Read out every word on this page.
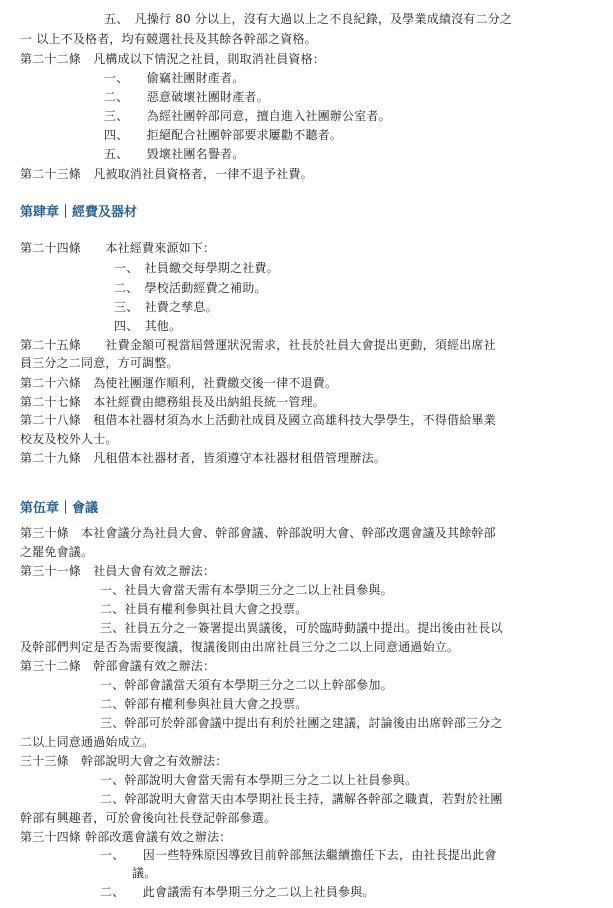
五、　凡操行 80 分以上，沒有大過以上之不良紀錄，及學業成績沒有二分之
一 以上不及格者，均有競選社長及其餘各幹部之資格。
第二十二條　凡構成以下情況之社員，則取消社員資格：
一、　　偷竊社團財產者。
二、　　惡意破壞社團財產者。
三、　　為經社團幹部同意，擅自進入社團辦公室者。
四、　　拒絕配合社團幹部要求屢勸不聽者。
五、　　毀壞社團名譽者。
第二十三條　凡被取消社員資格者，一律不退予社費。
第肆章｜經費及器材
第二十四條　　本社經費來源如下：
一、　社員繳交每學期之社費。
二、　學校活動經費之補助。
三、　社費之孳息。
四、　其他。
第二十五條　　社費金額可視當屆營運狀況需求，社長於社員大會提出更動，須經出席社
員三分之二同意，方可調整。
第二十六條　為使社團運作順利，社費繳交後一律不退費。
第二十七條　本社經費由總務組長及出納組長統一管理。
第二十八條　租借本社器材須為水上活動社成員及國立高雄科技大學學生，不得借給畢業
校友及校外人士。
第二十九條　凡租借本社器材者，皆須遵守本社器材租借管理辦法。
第伍章｜會議
第三十條　本社會議分為社員大會、幹部會議、幹部說明大會、幹部改選會議及其餘幹部
之罷免會議。
第三十一條　社員大會有效之辦法：
一、社員大會當天需有本學期三分之二以上社員參與。
二、社員有權利參與社員大會之投票。
三、社員五分之一簽署提出異議後，可於臨時動議中提出。提出後由社長以
及幹部們判定是否為需要復議，復議後則由出席社員三分之二以上同意通過始立。
第三十二條　幹部會議有效之辦法：
一、幹部會議當天須有本學期三分之二以上幹部參加。
二、幹部有權利參與社員大會之投票。
三、幹部可於幹部會議中提出有利於社團之建議，討論後由出席幹部三分之
二以上同意通過始成立。
三十三條　幹部說明大會之有效辦法：
一、幹部說明大會當天需有本學期三分之二以上社員參與。
二、幹部說明大會當天由本學期社長主持，講解各幹部之職責，若對於社團
幹部有興趣者，可於會後向社長登記幹部參選。
第三十四條 幹部改選會議有效之辦法：
一、　　因一些特殊原因導致目前幹部無法繼續擔任下去，由社長提出此會
議。
二、　　此會議需有本學期三分之二以上社員參與。
